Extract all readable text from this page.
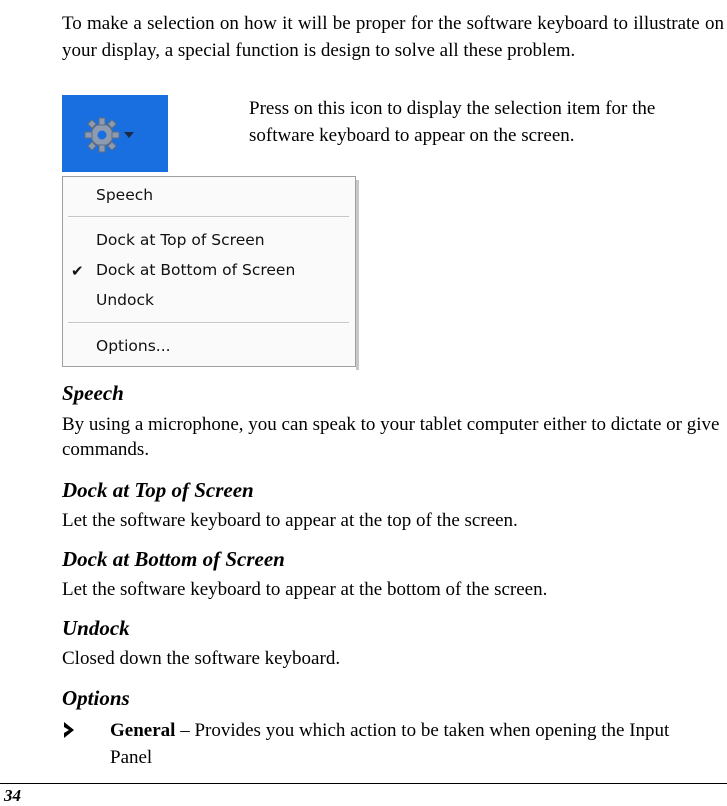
To make a selection on how it will be proper for the software keyboard to illustrate on your display, a special function is design to solve all these problem.

Press on this icon to display the selection item for the software keyboard to appear on the screen.

Speech
Dock at Top of Screen
✔ Dock at Bottom of Screen
Undock
Options...
Speech

By using a microphone, you can speak to your tablet computer either to dictate or give commands.

Dock at Top of Screen

Let the software keyboard to appear at the top of the screen.

Dock at Bottom of Screen

Let the software keyboard to appear at the bottom of the screen.

Undock

Closed down the software keyboard.

Options

General – Provides you which action to be taken when opening the Input Panel

34
